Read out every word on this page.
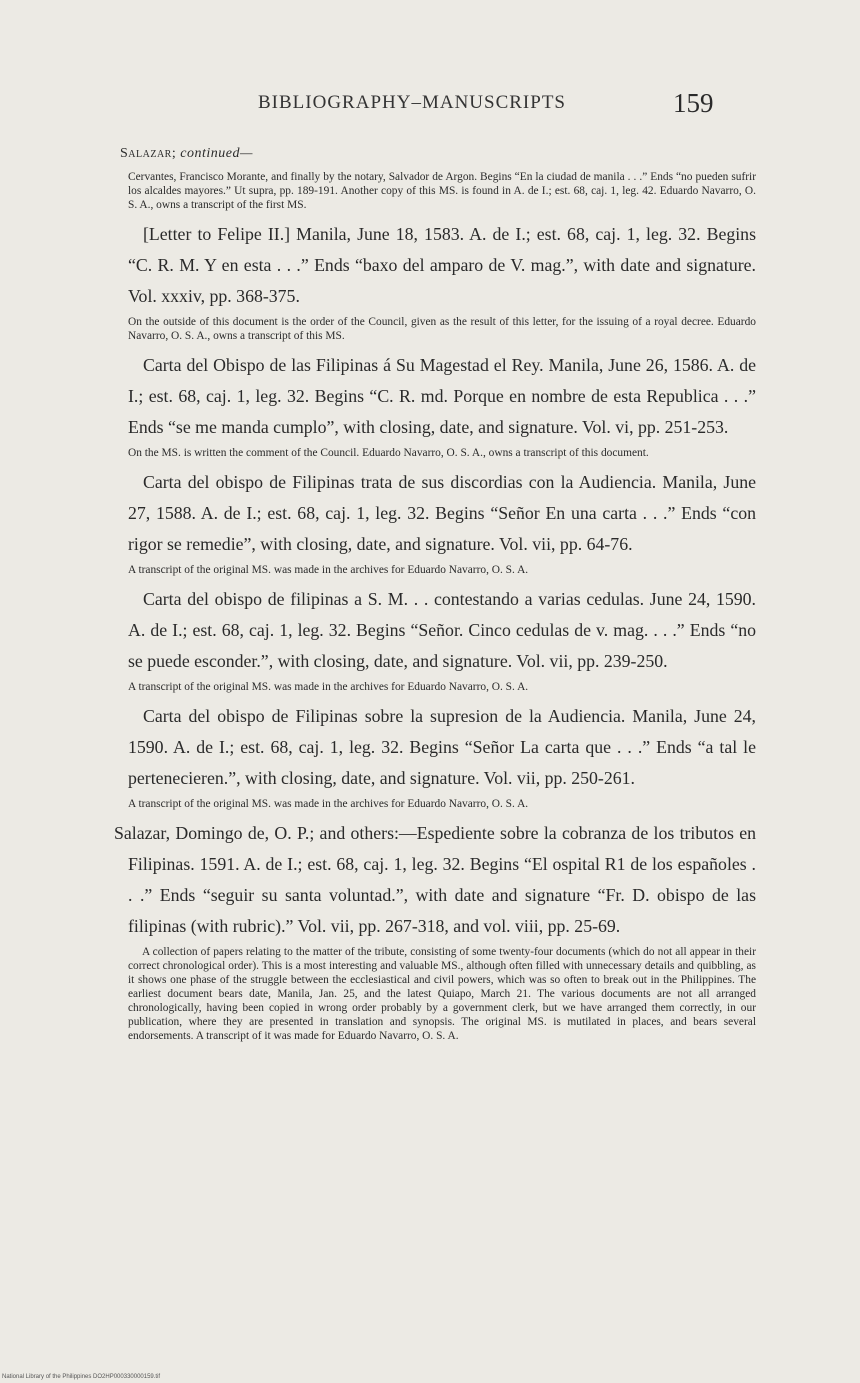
BIBLIOGRAPHY–MANUSCRIPTS	159
Salazar; continued—

Cervantes, Francisco Morante, and finally by the notary, Salvador de Argon. Begins “En la ciudad de manila . . .” Ends “no pueden sufrir los alcaldes mayores.” Ut supra, pp. 189-191. Another copy of this MS. is found in A. de I.; est. 68, caj. 1, leg. 42. Eduardo Navarro, O. S. A., owns a transcript of the first MS.

[Letter to Felipe II.] Manila, June 18, 1583. A. de I.; est. 68, caj. 1, leg. 32. Begins “C. R. M. Y en esta . . .” Ends “baxo del amparo de V. mag.”, with date and signature. Vol. xxxiv, pp. 368-375.

On the outside of this document is the order of the Council, given as the result of this letter, for the issuing of a royal decree. Eduardo Navarro, O. S. A., owns a transcript of this MS.

Carta del Obispo de las Filipinas á Su Magestad el Rey. Manila, June 26, 1586. A. de I.; est. 68, caj. 1, leg. 32. Begins “C. R. md. Porque en nombre de esta Republica . . .” Ends “se me manda cumplo”, with closing, date, and signature. Vol. vi, pp. 251-253.

On the MS. is written the comment of the Council. Eduardo Navarro, O. S. A., owns a transcript of this document.

Carta del obispo de Filipinas trata de sus discordias con la Audiencia. Manila, June 27, 1588. A. de I.; est. 68, caj. 1, leg. 32. Begins “Señor En una carta . . .” Ends “con rigor se remedie”, with closing, date, and signature. Vol. vii, pp. 64-76.

A transcript of the original MS. was made in the archives for Eduardo Navarro, O. S. A.

Carta del obispo de filipinas a S. M. . . contestando a varias cedulas. June 24, 1590. A. de I.; est. 68, caj. 1, leg. 32. Begins “Señor. Cinco cedulas de v. mag. . . .” Ends “no se puede esconder.”, with closing, date, and signature. Vol. vii, pp. 239-250.

A transcript of the original MS. was made in the archives for Eduardo Navarro, O. S. A.

Carta del obispo de Filipinas sobre la supresion de la Audiencia. Manila, June 24, 1590. A. de I.; est. 68, caj. 1, leg. 32. Begins “Señor La carta que . . .” Ends “a tal le pertenecieren.”, with closing, date, and signature. Vol. vii, pp. 250-261.

A transcript of the original MS. was made in the archives for Eduardo Navarro, O. S. A.

Salazar, Domingo de, O. P.; and others:—Espediente sobre la cobranza de los tributos en Filipinas. 1591. A. de I.; est. 68, caj. 1, leg. 32. Begins “El ospital R1 de los españoles . . .” Ends “seguir su santa voluntad.”, with date and signature “Fr. D. obispo de las filipinas (with rubric).” Vol. vii, pp. 267-318, and vol. viii, pp. 25-69.

A collection of papers relating to the matter of the tribute, consisting of some twenty-four documents (which do not all appear in their correct chronological order). This is a most interesting and valuable MS., although often filled with unnecessary details and quibbling, as it shows one phase of the struggle between the ecclesiastical and civil powers, which was so often to break out in the Philippines. The earliest document bears date, Manila, Jan. 25, and the latest Quiapo, March 21. The various documents are not all arranged chronologically, having been copied in wrong order probably by a government clerk, but we have arranged them correctly, in our publication, where they are presented in translation and synopsis. The original MS. is mutilated in places, and bears several endorsements. A transcript of it was made for Eduardo Navarro, O. S. A.

National Library of the Philippines DO2HP000330000159.tif
